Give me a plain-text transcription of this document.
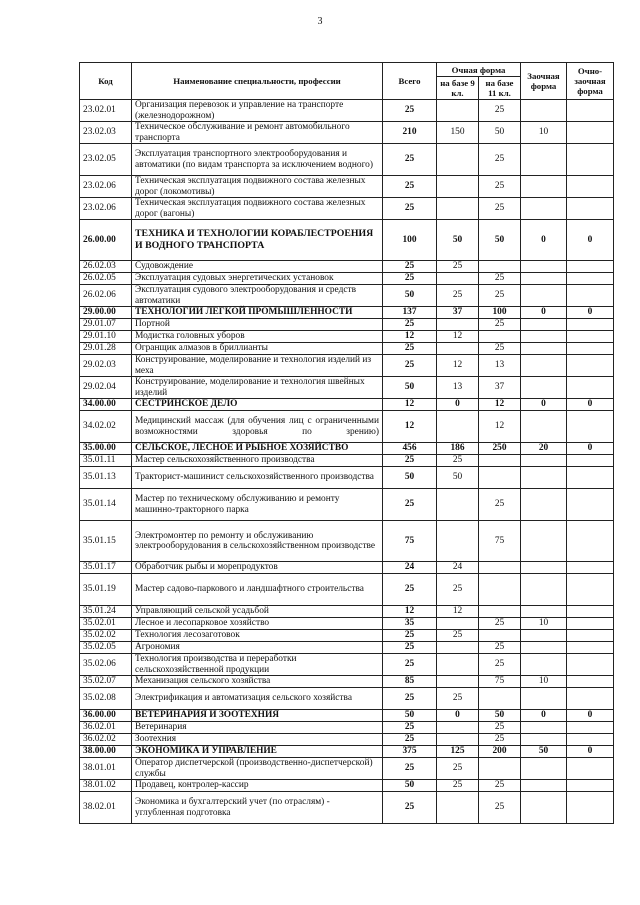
3
Код	Наименование специальности, профессии	Всего	Очная форма		Заочная форма	Очно-заочная форма
			на базе 9 кл.	на базе 11 кл.		
23.02.01	Организация перевозок и управление на транспорте (железнодорожном)	25		25		
23.02.03	Техническое обслуживание и ремонт автомобильного транспорта	210	150	50	10	
23.02.05	Эксплуатация транспортного электрооборудования и автоматики (по видам транспорта за исключением водного)	25		25		
23.02.06	Техническая эксплуатация подвижного состава железных дорог (локомотивы)	25		25		
23.02.06	Техническая эксплуатация подвижного состава железных дорог (вагоны)	25		25		
26.00.00	ТЕХНИКА И ТЕХНОЛОГИИ КОРАБЛЕСТРОЕНИЯ И ВОДНОГО ТРАНСПОРТА	100	50	50	0	0
26.02.03	Судовождение	25	25			
26.02.05	Эксплуатация судовых энергетических установок	25		25		
26.02.06	Эксплуатация судового электрооборудования и средств автоматики	50	25	25		
29.00.00	ТЕХНОЛОГИИ ЛЕГКОЙ ПРОМЫШЛЕННОСТИ	137	37	100	0	0
29.01.07	Портной	25		25		
29.01.10	Модистка головных уборов	12	12			
29.01.28	Огранщик алмазов в бриллианты	25		25		
29.02.03	Конструирование, моделирование и технология изделий из меха	25	12	13		
29.02.04	Конструирование, моделирование и технология швейных изделий	50	13	37		
34.00.00	СЕСТРИНСКОЕ ДЕЛО	12	0	12	0	0
34.02.02	Медицинский массаж (для обучения лиц с ограниченными возможностями здоровья по зрению)	12		12		
35.00.00	СЕЛЬСКОЕ, ЛЕСНОЕ И РЫБНОЕ ХОЗЯЙСТВО	456	186	250	20	0
35.01.11	Мастер сельскохозяйственного производства	25	25			
35.01.13	Тракторист-машинист сельскохозяйственного производства	50	50			
35.01.14	Мастер по техническому обслуживанию и ремонту машинно-тракторного парка	25		25		
35.01.15	Электромонтер по ремонту и обслуживанию электрооборудования в сельскохозяйственном производстве	75		75		
35.01.17	Обработчик рыбы и морепродуктов	24	24			
35.01.19	Мастер садово-паркового и ландшафтного строительства	25	25			
35.01.24	Управляющий сельской усадьбой	12	12			
35.02.01	Лесное и лесопарковое хозяйство	35		25	10	
35.02.02	Технология лесозаготовок	25	25			
35.02.05	Агрономия	25		25		
35.02.06	Технология производства и переработки сельскохозяйственной продукции	25		25		
35.02.07	Механизация сельского хозяйства	85		75	10	
35.02.08	Электрификация и автоматизация сельского хозяйства	25	25			
36.00.00	ВЕТЕРИНАРИЯ И ЗООТЕХНИЯ	50	0	50	0	0
36.02.01	Ветеринария	25		25		
36.02.02	Зоотехния	25		25		
38.00.00	ЭКОНОМИКА И УПРАВЛЕНИЕ	375	125	200	50	0
38.01.01	Оператор диспетчерской (производственно-диспетчерской) службы	25	25			
38.01.02	Продавец, контролер-кассир	50	25	25		
38.02.01	Экономика и бухгалтерский учет (по отраслям) - углубленная подготовка	25		25		
